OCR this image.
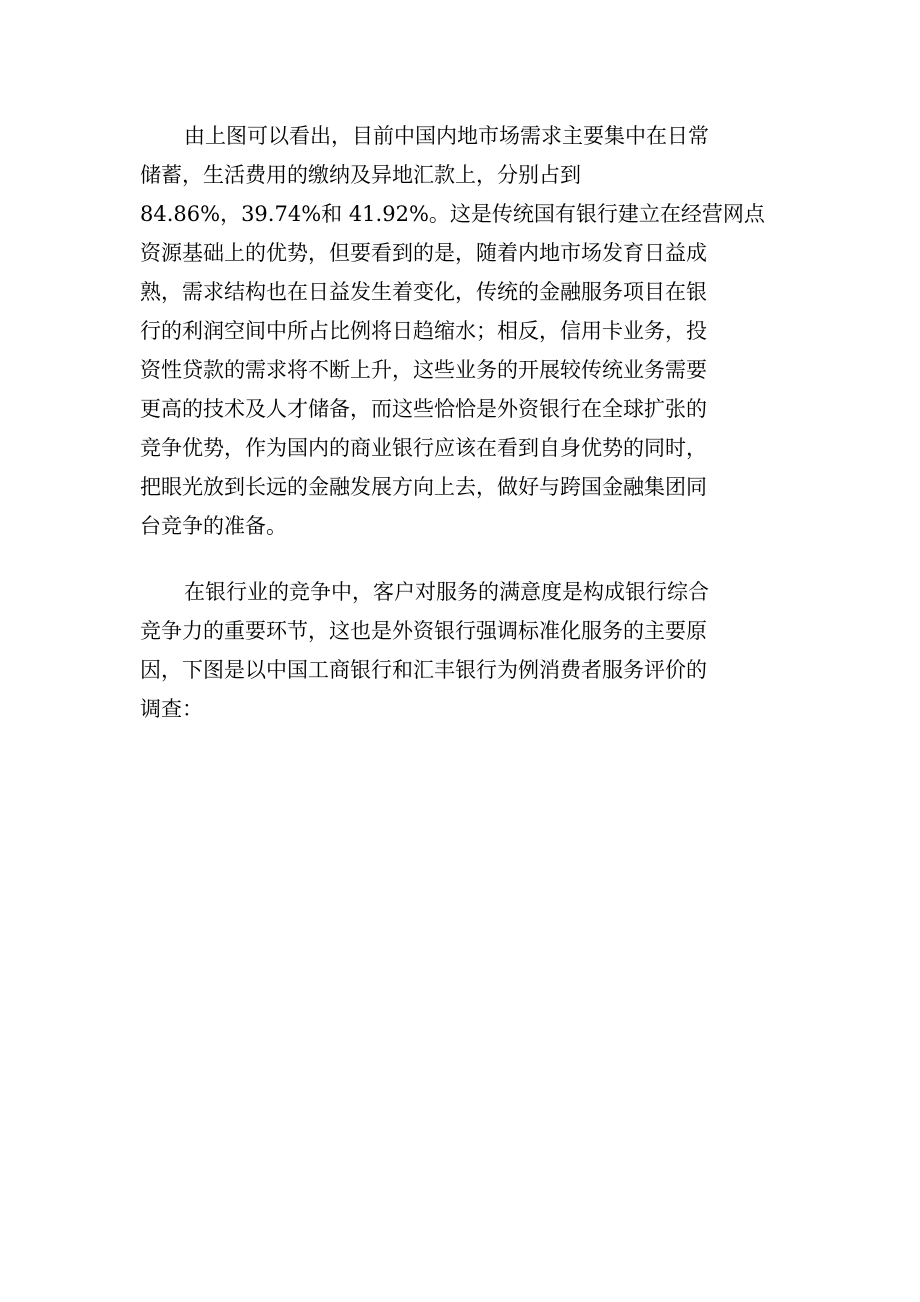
由上图可以看出，目前中国内地市场需求主要集中在日常
储蓄，生活费用的缴纳及异地汇款上，分别占到
84.86%，39.74%和 41.92%。这是传统国有银行建立在经营网点
资源基础上的优势，但要看到的是，随着内地市场发育日益成
熟，需求结构也在日益发生着变化，传统的金融服务项目在银
行的利润空间中所占比例将日趋缩水；相反，信用卡业务，投
资性贷款的需求将不断上升，这些业务的开展较传统业务需要
更高的技术及人才储备，而这些恰恰是外资银行在全球扩张的
竞争优势，作为国内的商业银行应该在看到自身优势的同时，
把眼光放到长远的金融发展方向上去，做好与跨国金融集团同
台竞争的准备。
在银行业的竞争中，客户对服务的满意度是构成银行综合
竞争力的重要环节，这也是外资银行强调标准化服务的主要原
因，下图是以中国工商银行和汇丰银行为例消费者服务评价的
调查：
